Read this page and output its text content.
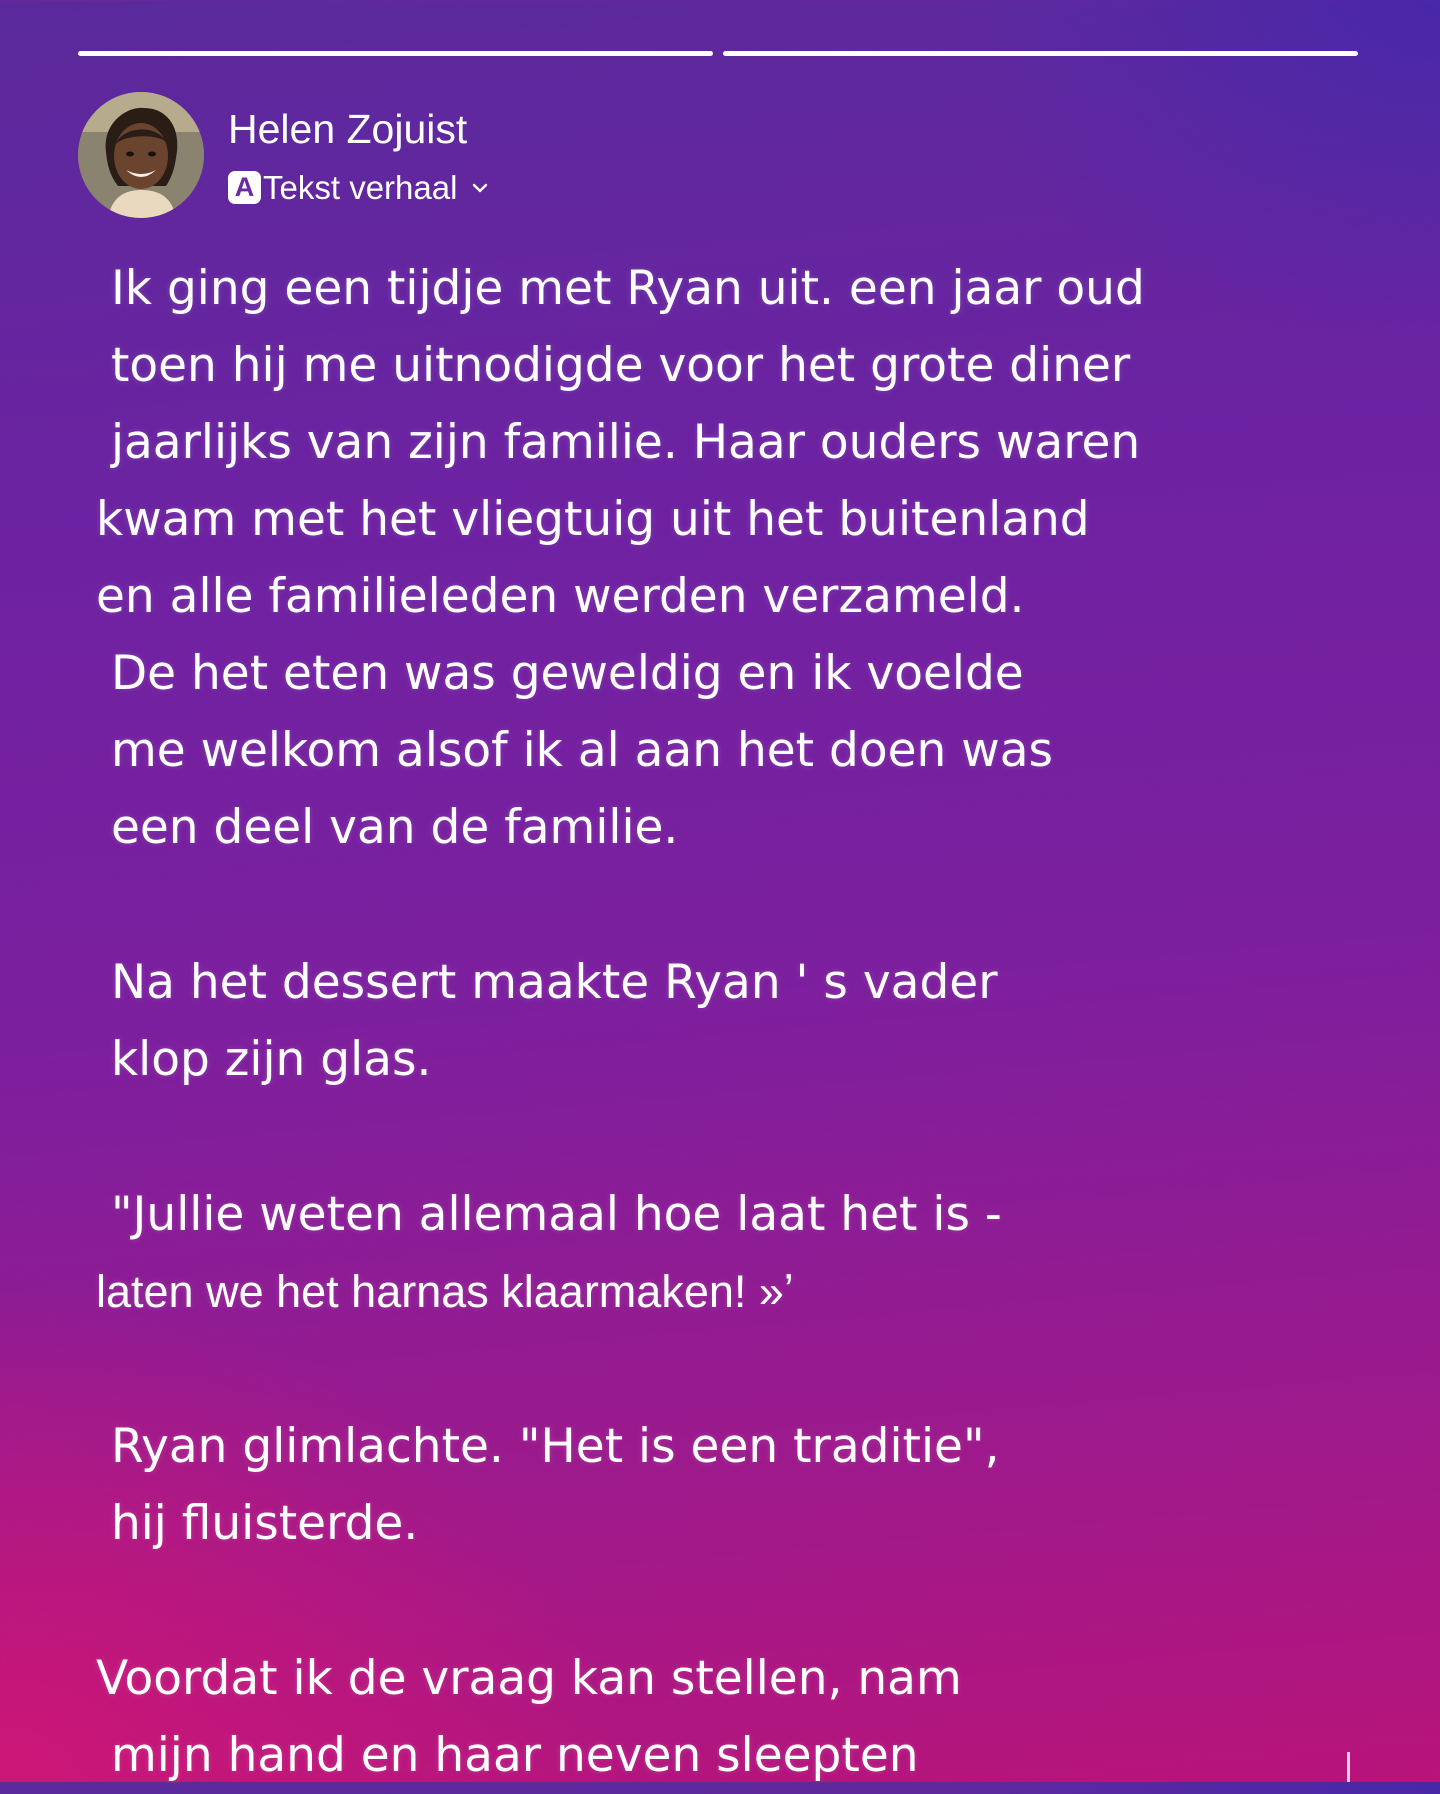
Helen Zojuist
A Tekst verhaal
Ik ging een tijdje met Ryan uit. een jaar oud
toen hij me uitnodigde voor het grote diner
jaarlijks van zijn familie. Haar ouders waren
kwam met het vliegtuig uit het buitenland
en alle familieleden werden verzameld.
De het eten was geweldig en ik voelde
me welkom alsof ik al aan het doen was
een deel van de familie.
Na het dessert maakte Ryan ' s vader
klop zijn glas.
"Jullie weten allemaal hoe laat het is -
laten we het harnas klaarmaken! »ʼ
Ryan glimlachte. "Het is een traditie",
hij fluisterde.
Voordat ik de vraag kan stellen, nam
mijn hand en haar neven sleepten
